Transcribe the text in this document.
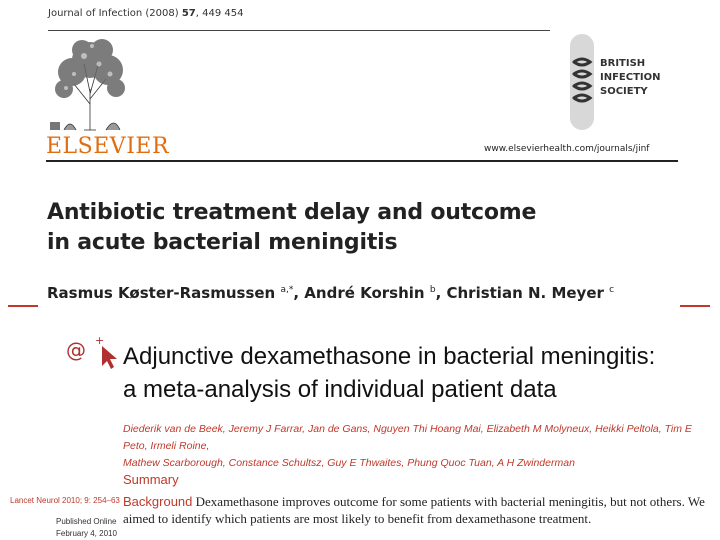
Journal of Infection (2008) 57, 449 454
ELSEVIER
BRITISH
INFECTION
SOCIETY
www.elsevierhealth.com/journals/jinf
Antibiotic treatment delay and outcome
in acute bacterial meningitis
Rasmus Køster-Rasmussen $^{a,*}$, André Korshin $^b$, Christian N. Meyer $^c$
@ +
Adjunctive dexamethasone in bacterial meningitis:
a meta-analysis of individual patient data
Diederik van de Beek, Jeremy J Farrar, Jan de Gans, Nguyen Thi Hoang Mai, Elizabeth M Molyneux, Heikki Peltola, Tim E Peto, Irmeli Roine,
Mathew Scarborough, Constance Schultsz, Guy E Thwaites, Phung Quoc Tuan, A H Zwinderman
Summary
Background Dexamethasone improves outcome for some patients with bacterial meningitis, but not others. We aimed to identify which patients are most likely to benefit from dexamethasone treatment.
Lancet Neurol 2010; 9: 254–63
Published Online
February 4, 2010
